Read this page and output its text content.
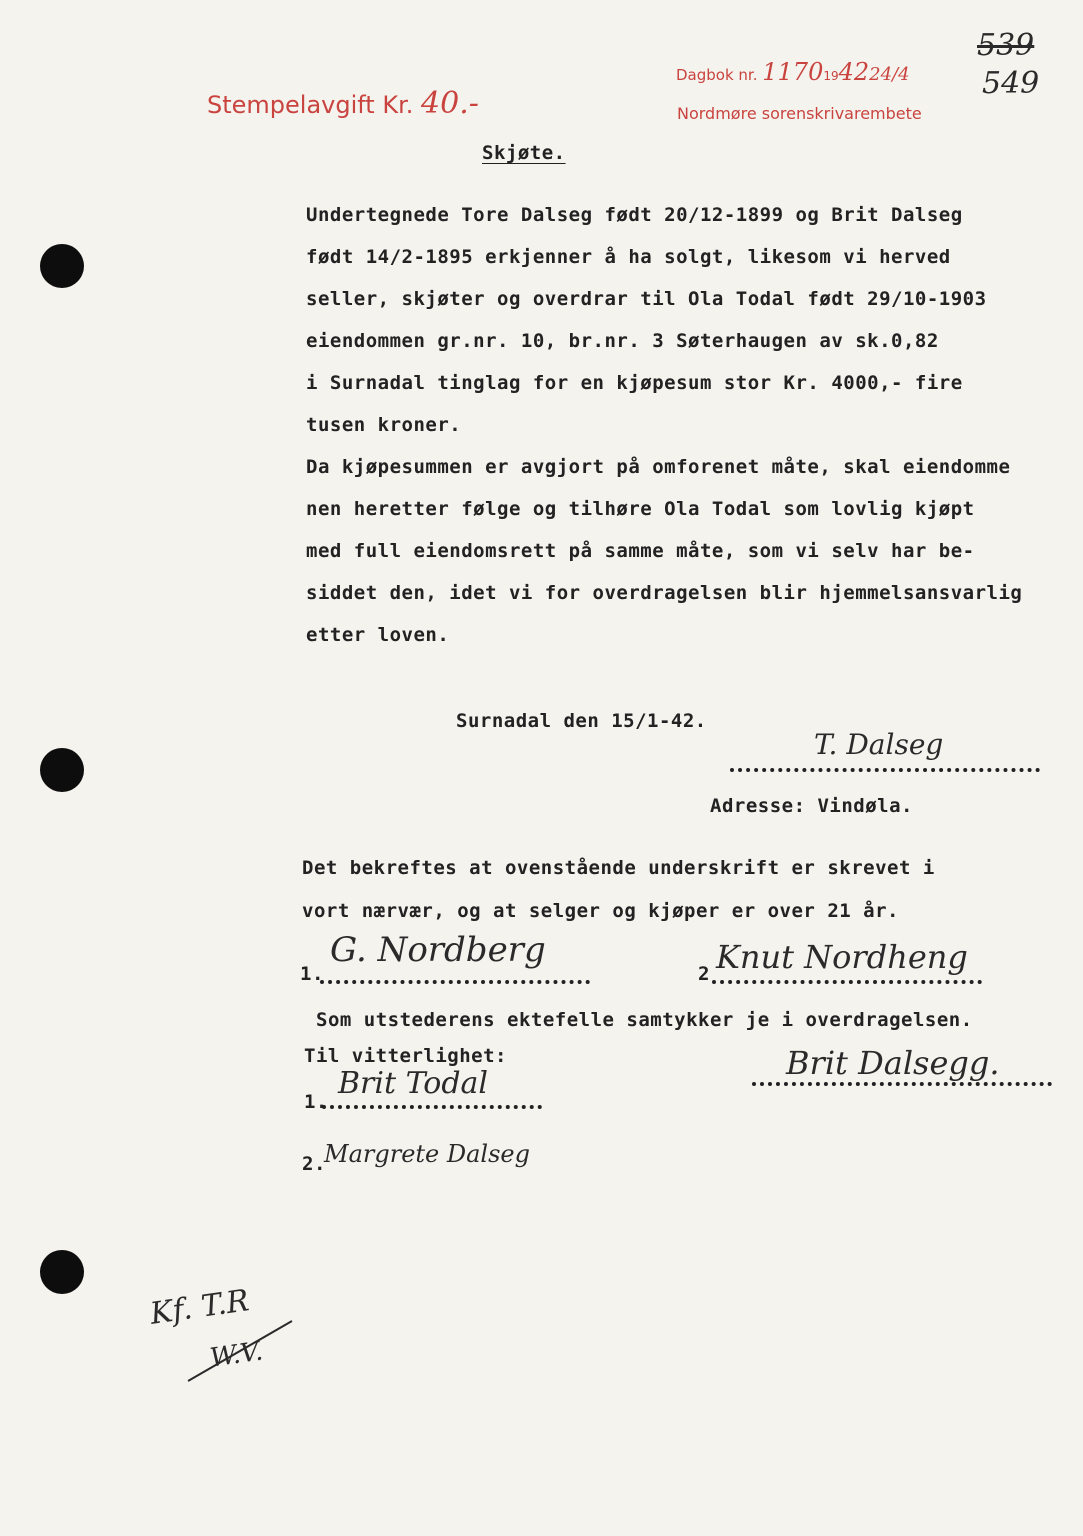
Stempelavgift Kr. 40.-
Dagbok nr. 1170194224/4
Nordmøre sorenskrivarembete
539
549
Skjøte.
Undertegnede Tore Dalseg født 20/12-1899 og Brit Dalseg
født 14/2-1895 erkjenner å ha solgt, likesom vi herved
seller, skjøter og overdrar til Ola Todal født 29/10-1903
eiendommen gr.nr. 10, br.nr. 3 Søterhaugen av sk.0,82
i Surnadal tinglag for en kjøpesum stor Kr. 4000,- fire
tusen kroner.
Da kjøpesummen er avgjort på omforenet måte, skal eiendomme
nen heretter følge og tilhøre Ola Todal som lovlig kjøpt
med full eiendomsrett på samme måte, som vi selv har be-
siddet den, idet vi for overdragelsen blir hjemmelsansvarlig
etter loven.
Surnadal den 15/1-42.
T. Dalseg
Adresse: Vindøla.
Det bekreftes at ovenstående underskrift er skrevet i
vort nærvær, og at selger og kjøper er over 21 år.
1.
G. Nordberg
2 Knut Nordheng
Som utstederens ektefelle samtykker je i overdragelsen.
Til vitterlighet:	Brit Dalsegg.
1.
Brit Todal
2.
Margrete Dalseg
Kf. T.R
W.V.
